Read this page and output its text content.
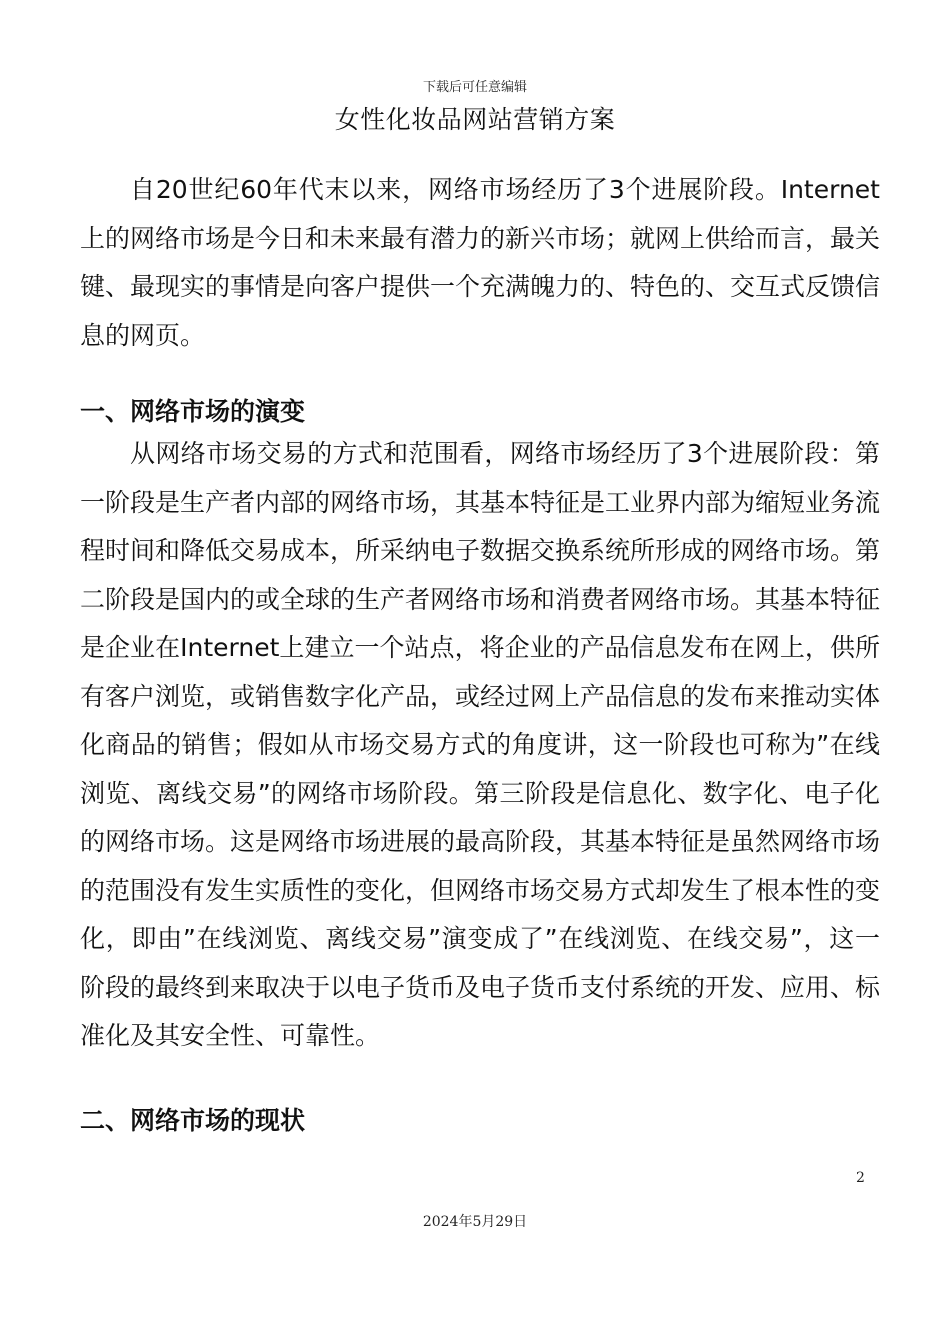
下载后可任意编辑
女性化妆品网站营销方案

自20世纪60年代末以来，网络市场经历了3个进展阶段。Internet上的网络市场是今日和未来最有潜力的新兴市场；就网上供给而言，最关键、最现实的事情是向客户提供一个充满魄力的、特色的、交互式反馈信息的网页。

一、网络市场的演变

从网络市场交易的方式和范围看，网络市场经历了3个进展阶段：第一阶段是生产者内部的网络市场，其基本特征是工业界内部为缩短业务流程时间和降低交易成本，所采纳电子数据交换系统所形成的网络市场。第二阶段是国内的或全球的生产者网络市场和消费者网络市场。其基本特征是企业在Internet上建立一个站点，将企业的产品信息发布在网上，供所有客户浏览，或销售数字化产品，或经过网上产品信息的发布来推动实体化商品的销售；假如从市场交易方式的角度讲，这一阶段也可称为”在线浏览、离线交易”的网络市场阶段。第三阶段是信息化、数字化、电子化的网络市场。这是网络市场进展的最高阶段，其基本特征是虽然网络市场的范围没有发生实质性的变化，但网络市场交易方式却发生了根本性的变化，即由”在线浏览、离线交易”演变成了”在线浏览、在线交易”，这一阶段的最终到来取决于以电子货币及电子货币支付系统的开发、应用、标准化及其安全性、可靠性。

二、网络市场的现状
2
2024年5月29日
